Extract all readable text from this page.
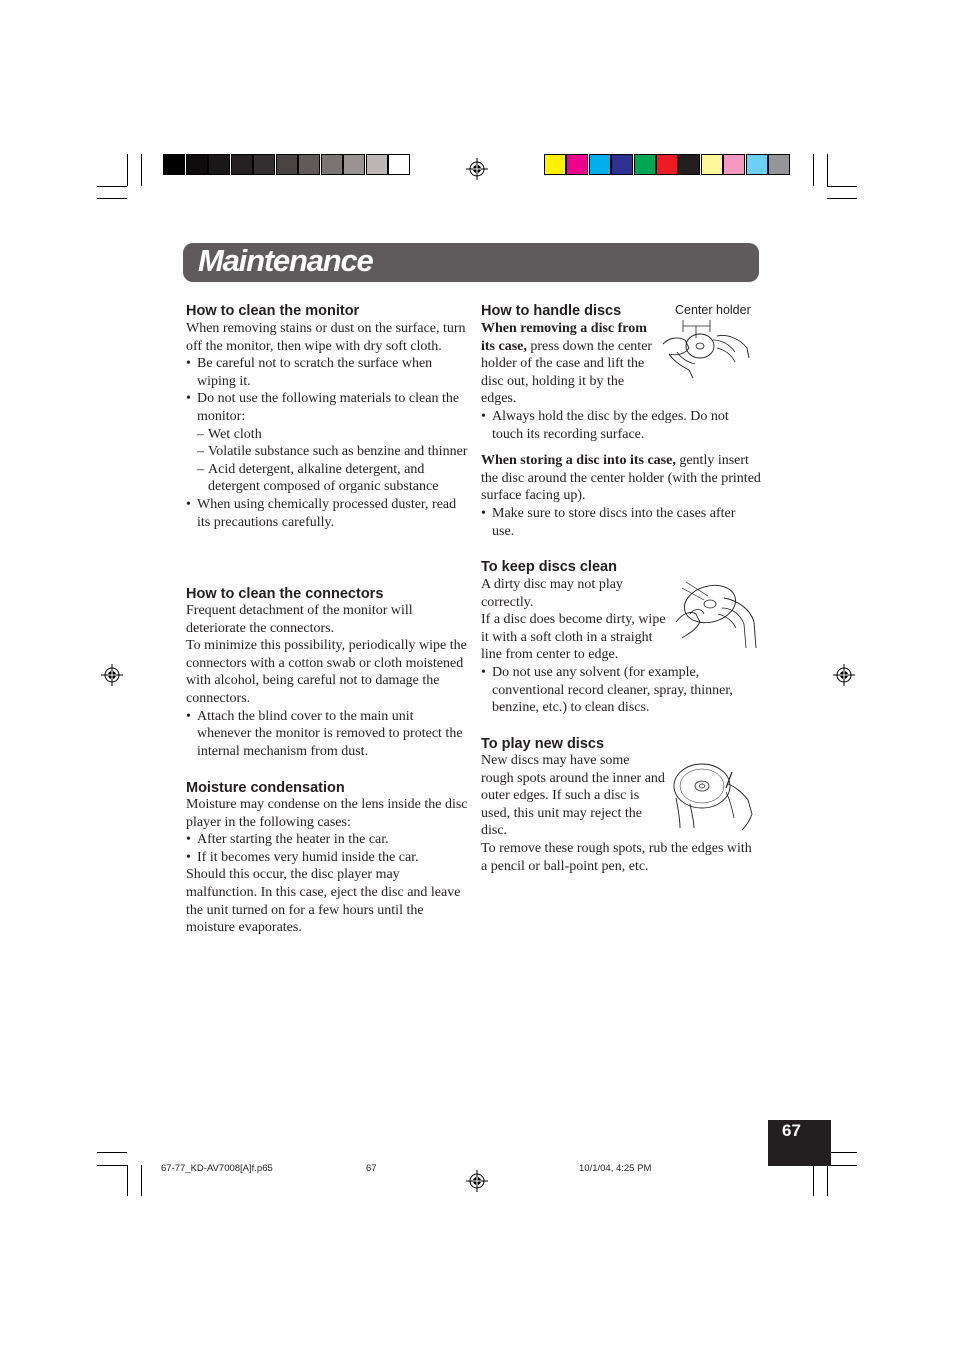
Maintenance
How to clean the monitor

When removing stains or dust on the surface, turn off the monitor, then wipe with dry soft cloth.

• Be careful not to scratch the surface when wiping it.

• Do not use the following materials to clean the monitor:

– Wet cloth

– Volatile substance such as benzine and thinner

– Acid detergent, alkaline detergent, and detergent composed of organic substance

• When using chemically processed duster, read its precautions carefully.

How to clean the connectors

Frequent detachment of the monitor will deteriorate the connectors.

To minimize this possibility, periodically wipe the connectors with a cotton swab or cloth moistened with alcohol, being careful not to damage the connectors.

• Attach the blind cover to the main unit whenever the monitor is removed to protect the internal mechanism from dust.

Moisture condensation

Moisture may condense on the lens inside the disc player in the following cases:

• After starting the heater in the car.

• If it becomes very humid inside the car.

Should this occur, the disc player may malfunction. In this case, eject the disc and leave the unit turned on for a few hours until the moisture evaporates.

How to handle discs	Center holder

When removing a disc from its case, press down the center holder of the case and lift the disc out, holding it by the edges.

• Always hold the disc by the edges. Do not touch its recording surface.

When storing a disc into its case, gently insert the disc around the center holder (with the printed surface facing up).

• Make sure to store discs into the cases after use.

To keep discs clean

A dirty disc may not play correctly.

If a disc does become dirty, wipe it with a soft cloth in a straight line from center to edge.

• Do not use any solvent (for example, conventional record cleaner, spray, thinner, benzine, etc.) to clean discs.

To play new discs

New discs may have some rough spots around the inner and outer edges. If such a disc is used, this unit may reject the disc.

To remove these rough spots, rub the edges with a pencil or ball-point pen, etc.

67
67-77_KD-AV7008[A]f.p65	67	10/1/04, 4:25 PM
